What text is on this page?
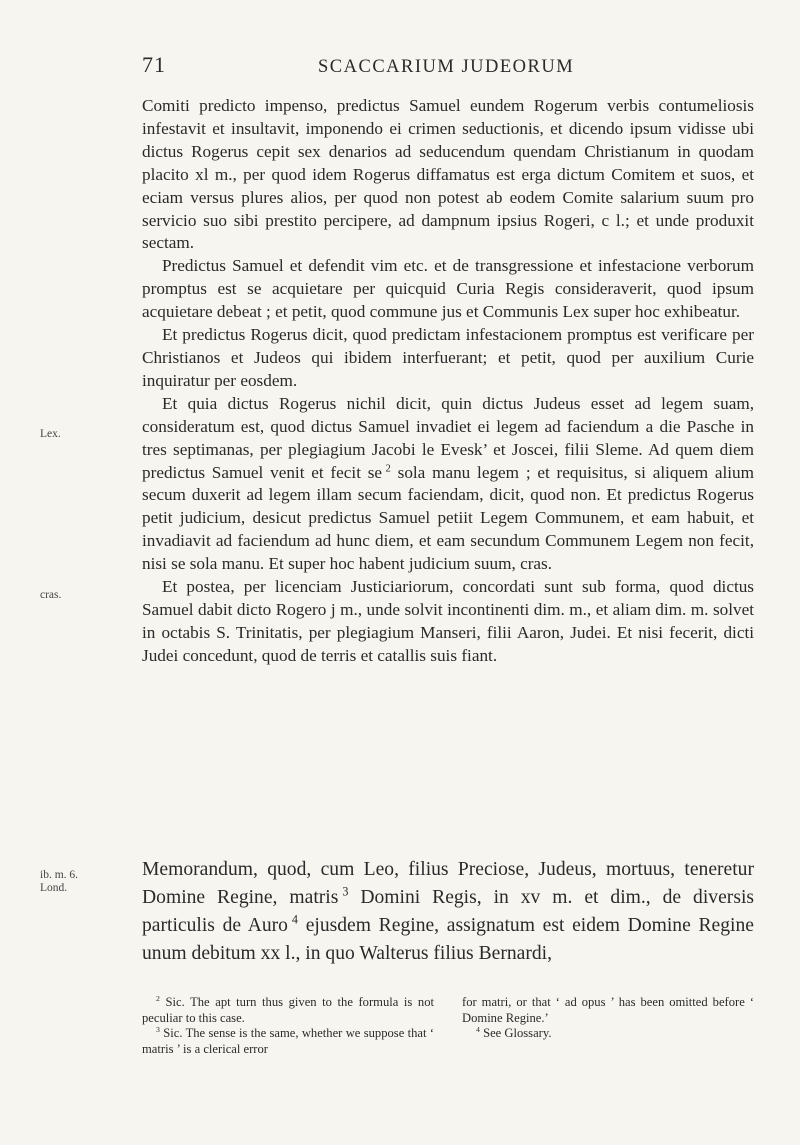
71	SCACCARIUM JUDEORUM
Lex.
cras.
ib. m. 6.
Lond.

Comiti predicto impenso, predictus Samuel eundem Rogerum verbis contumeliosis infestavit et insultavit, imponendo ei crimen seductionis, et dicendo ipsum vidisse ubi dictus Rogerus cepit sex denarios ad seducendum quendam Christianum in quodam placito xl m., per quod idem Rogerus diffamatus est erga dictum Comitem et suos, et eciam versus plures alios, per quod non potest ab eodem Comite salarium suum pro servicio suo sibi prestito percipere, ad dampnum ipsius Rogeri, c l.; et unde produxit sectam.

Predictus Samuel et defendit vim etc. et de transgressione et infestacione verborum promptus est se acquietare per quicquid Curia Regis consideraverit, quod ipsum acquietare debeat ; et petit, quod commune jus et Communis Lex super hoc exhibeatur.

Et predictus Rogerus dicit, quod predictam infestacionem promptus est verificare per Christianos et Judeos qui ibidem interfuerant; et petit, quod per auxilium Curie inquiratur per eosdem.

Et quia dictus Rogerus nichil dicit, quin dictus Judeus esset ad legem suam, consideratum est, quod dictus Samuel invadiet ei legem ad faciendum a die Pasche in tres septimanas, per plegiagium Jacobi le Evesk’ et Joscei, filii Sleme. Ad quem diem predictus Samuel venit et fecit se  $^2$ sola manu legem ; et requisitus, si aliquem alium secum duxerit ad legem illam secum faciendam, dicit, quod non. Et predictus Rogerus petit judicium, desicut predictus Samuel petiit Legem Communem, et eam habuit, et invadiavit ad faciendum ad hunc diem, et eam secundum Communem Legem non fecit, nisi se sola manu. Et super hoc habent judicium suum, cras.

Et postea, per licenciam Justiciariorum, concordati sunt sub forma, quod dictus Samuel dabit dicto Rogero j m., unde solvit incontinenti dim. m., et aliam dim. m. solvet in octabis S. Trinitatis, per plegiagium Manseri, filii Aaron, Judei. Et nisi fecerit, dicti Judei concedunt, quod de terris et catallis suis fiant.

Memorandum, quod, cum Leo, filius Preciose, Judeus, mortuus, teneretur Domine Regine, matris  $^3$ Domini Regis, in xv m. et dim., de diversis particulis de Auro  $^4$ ejusdem Regine, assignatum est eidem Domine Regine unum debitum xx l., in quo Walterus filius Bernardi,

$^2$ Sic. The apt turn thus given to the formula is not peculiar to this case.

$^3$ Sic. The sense is the same, whether we suppose that ‘ matris ’ is a clerical error

for matri, or that ‘ ad opus ’ has been omitted before ‘ Domine Regine.’

$^4$ See Glossary.
